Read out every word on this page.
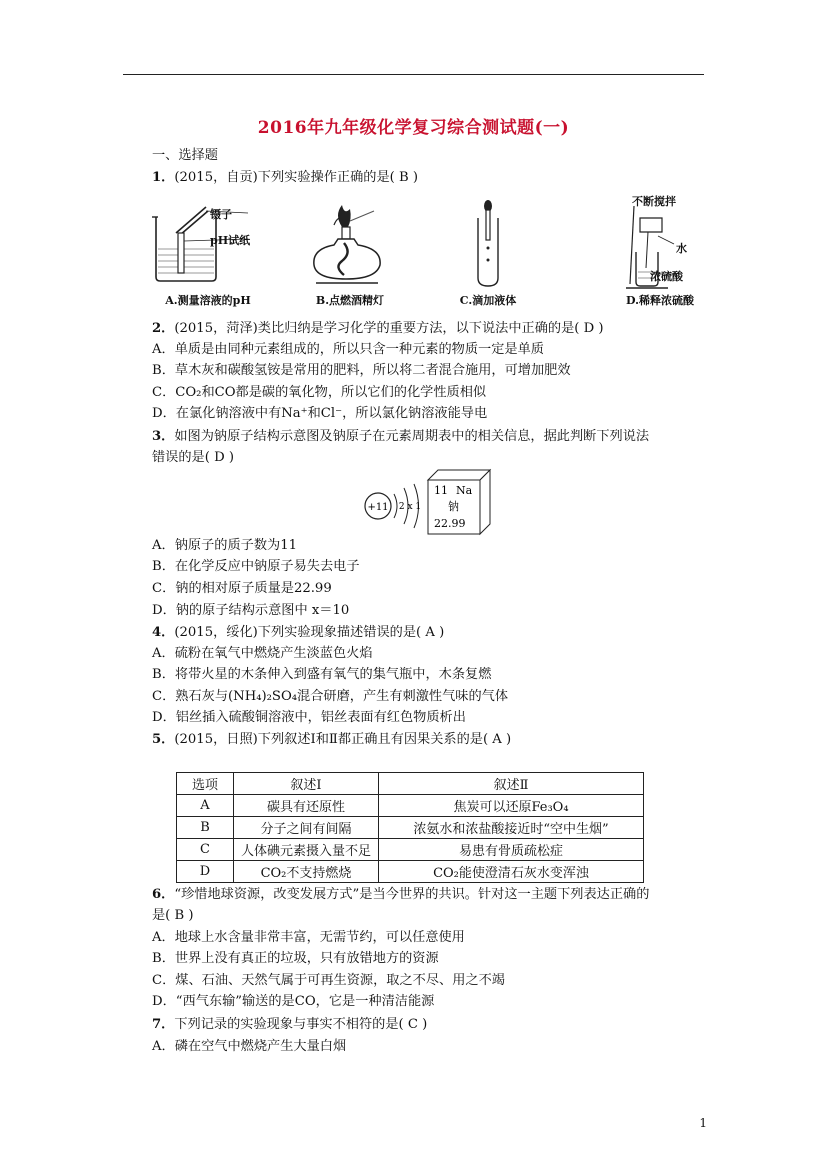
2016年九年级化学复习综合测试题(一)
一、选择题
1．(2015，自贡)下列实验操作正确的是( B )
镊子
pH试纸
A.测量溶液的pH	B.点燃酒精灯	C.滴加液体
不断搅拌
水
浓硫酸
D.稀释浓硫酸
2．(2015，菏泽)类比归纳是学习化学的重要方法，以下说法中正确的是( D )
A．单质是由同种元素组成的，所以只含一种元素的物质一定是单质
B．草木灰和碳酸氢铵是常用的肥料，所以将二者混合施用，可增加肥效
C．CO₂和CO都是碳的氧化物，所以它们的化学性质相似
D．在氯化钠溶液中有Na⁺和Cl⁻，所以氯化钠溶液能导电
3．如图为钠原子结构示意图及钠原子在元素周期表中的相关信息，据此判断下列说法
错误的是( D )
+11 2 x 1
11 Na
钠
22.99
A．钠原子的质子数为11
B．在化学反应中钠原子易失去电子
C．钠的相对原子质量是22.99
D．钠的原子结构示意图中 x＝10
4．(2015，绥化)下列实验现象描述错误的是( A )
A．硫粉在氧气中燃烧产生淡蓝色火焰
B．将带火星的木条伸入到盛有氧气的集气瓶中，木条复燃
C．熟石灰与(NH₄)₂SO₄混合研磨，产生有刺激性气味的气体
D．铝丝插入硫酸铜溶液中，铝丝表面有红色物质析出
5．(2015，日照)下列叙述Ⅰ和Ⅱ都正确且有因果关系的是( A )
选项	叙述Ⅰ	叙述Ⅱ
A	碳具有还原性	焦炭可以还原Fe₃O₄
B	分子之间有间隔	浓氨水和浓盐酸接近时“空中生烟”
C	人体碘元素摄入量不足	易患有骨质疏松症
D	CO₂不支持燃烧	CO₂能使澄清石灰水变浑浊
6．“珍惜地球资源，改变发展方式”是当今世界的共识。针对这一主题下列表达正确的
是( B )
A．地球上水含量非常丰富，无需节约，可以任意使用
B．世界上没有真正的垃圾，只有放错地方的资源
C．煤、石油、天然气属于可再生资源，取之不尽、用之不竭
D．“西气东输”输送的是CO，它是一种清洁能源
7．下列记录的实验现象与事实不相符的是( C )
A．磷在空气中燃烧产生大量白烟
1
